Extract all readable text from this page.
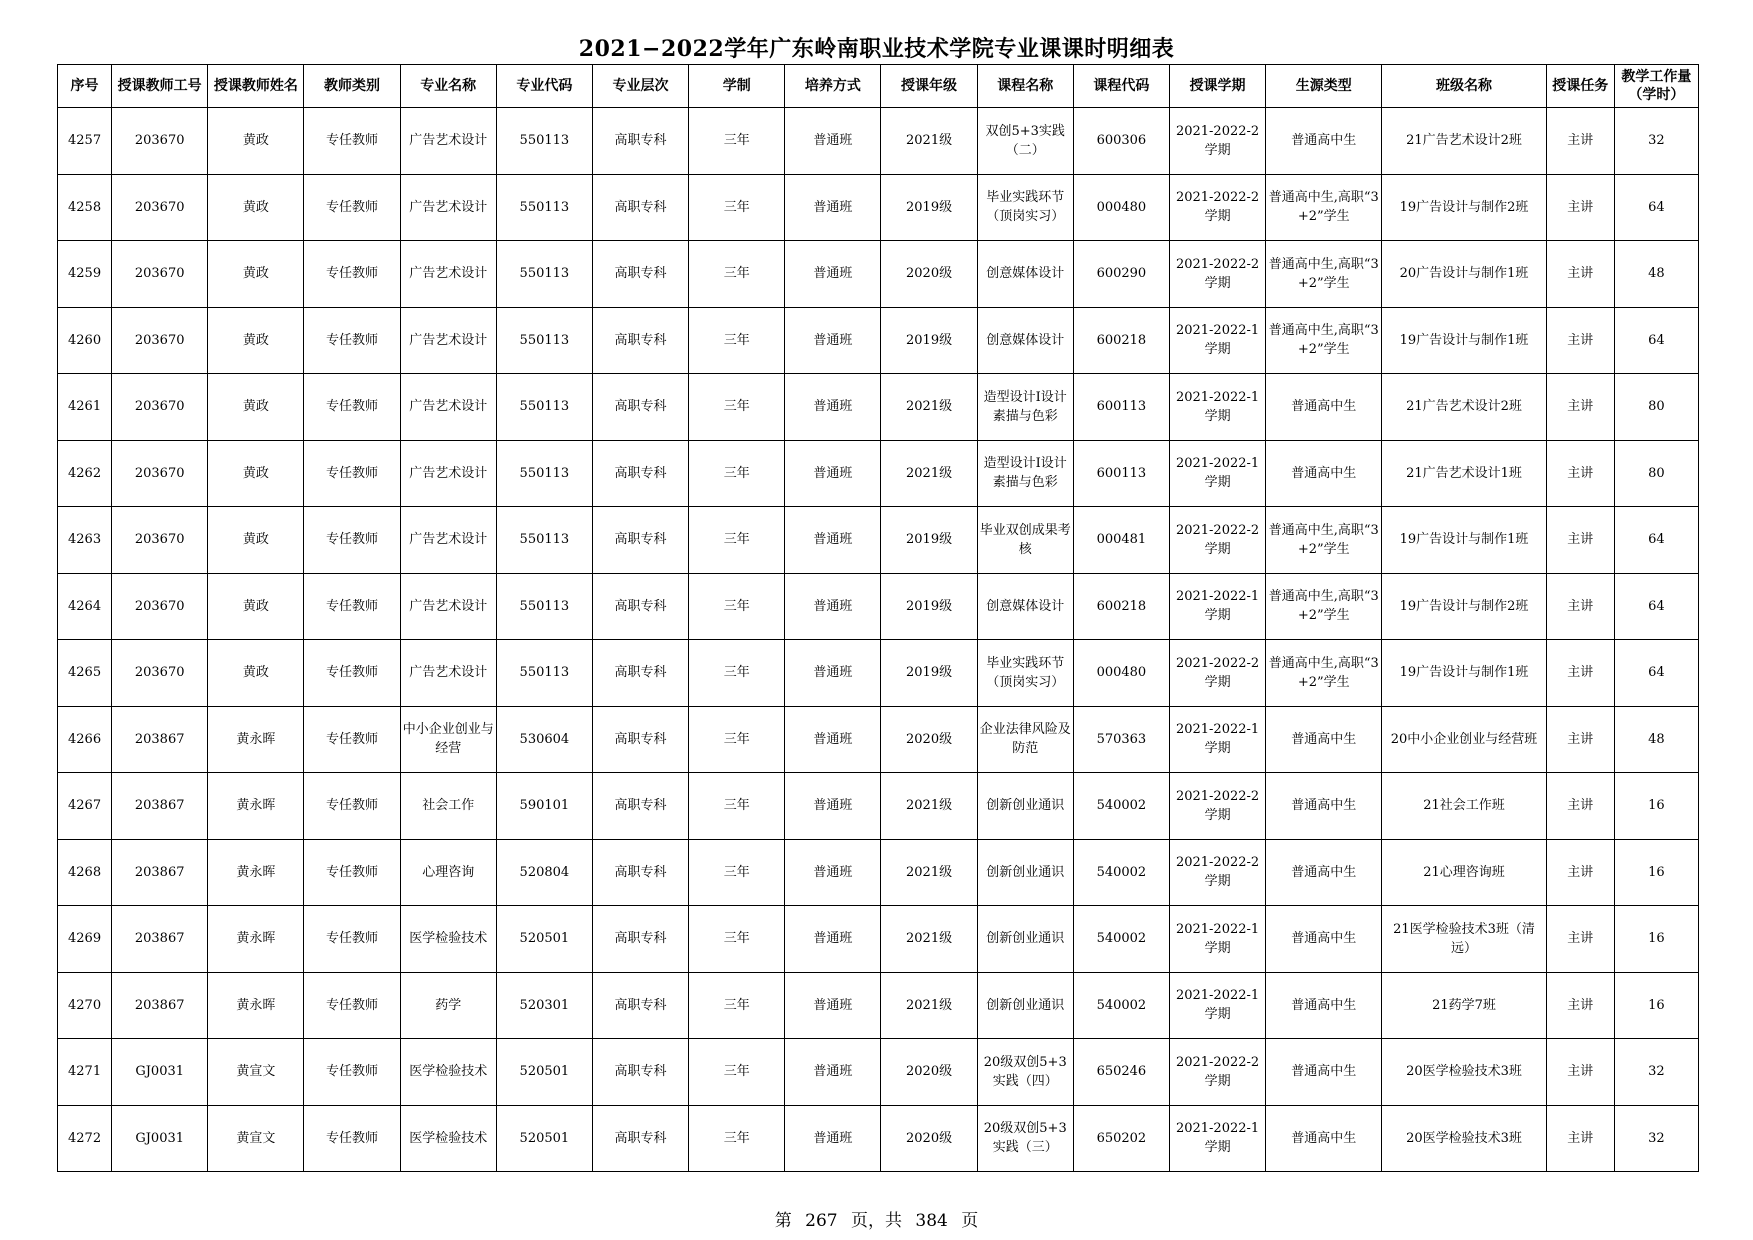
2021−2022学年广东岭南职业技术学院专业课课时明细表
序号	授课教师工号	授课教师姓名	教师类别	专业名称	专业代码	专业层次	学制	培养方式	授课年级	课程名称	课程代码	授课学期	生源类型	班级名称	授课任务	教学工作量（学时）
4257	203670	黄政	专任教师	广告艺术设计	550113	高职专科	三年	普通班	2021级	双创5+3实践（二）	600306	2021-2022-2学期	普通高中生	21广告艺术设计2班	主讲	32
4258	203670	黄政	专任教师	广告艺术设计	550113	高职专科	三年	普通班	2019级	毕业实践环节（顶岗实习）	000480	2021-2022-2学期	普通高中生,高职“3+2”学生	19广告设计与制作2班	主讲	64
4259	203670	黄政	专任教师	广告艺术设计	550113	高职专科	三年	普通班	2020级	创意媒体设计	600290	2021-2022-2学期	普通高中生,高职“3+2”学生	20广告设计与制作1班	主讲	48
4260	203670	黄政	专任教师	广告艺术设计	550113	高职专科	三年	普通班	2019级	创意媒体设计	600218	2021-2022-1学期	普通高中生,高职“3+2”学生	19广告设计与制作1班	主讲	64
4261	203670	黄政	专任教师	广告艺术设计	550113	高职专科	三年	普通班	2021级	造型设计I设计素描与色彩	600113	2021-2022-1学期	普通高中生	21广告艺术设计2班	主讲	80
4262	203670	黄政	专任教师	广告艺术设计	550113	高职专科	三年	普通班	2021级	造型设计I设计素描与色彩	600113	2021-2022-1学期	普通高中生	21广告艺术设计1班	主讲	80
4263	203670	黄政	专任教师	广告艺术设计	550113	高职专科	三年	普通班	2019级	毕业双创成果考核	000481	2021-2022-2学期	普通高中生,高职“3+2”学生	19广告设计与制作1班	主讲	64
4264	203670	黄政	专任教师	广告艺术设计	550113	高职专科	三年	普通班	2019级	创意媒体设计	600218	2021-2022-1学期	普通高中生,高职“3+2”学生	19广告设计与制作2班	主讲	64
4265	203670	黄政	专任教师	广告艺术设计	550113	高职专科	三年	普通班	2019级	毕业实践环节（顶岗实习）	000480	2021-2022-2学期	普通高中生,高职“3+2”学生	19广告设计与制作1班	主讲	64
4266	203867	黄永晖	专任教师	中小企业创业与经营	530604	高职专科	三年	普通班	2020级	企业法律风险及防范	570363	2021-2022-1学期	普通高中生	20中小企业创业与经营班	主讲	48
4267	203867	黄永晖	专任教师	社会工作	590101	高职专科	三年	普通班	2021级	创新创业通识	540002	2021-2022-2学期	普通高中生	21社会工作班	主讲	16
4268	203867	黄永晖	专任教师	心理咨询	520804	高职专科	三年	普通班	2021级	创新创业通识	540002	2021-2022-2学期	普通高中生	21心理咨询班	主讲	16
4269	203867	黄永晖	专任教师	医学检验技术	520501	高职专科	三年	普通班	2021级	创新创业通识	540002	2021-2022-1学期	普通高中生	21医学检验技术3班（清远）	主讲	16
4270	203867	黄永晖	专任教师	药学	520301	高职专科	三年	普通班	2021级	创新创业通识	540002	2021-2022-1学期	普通高中生	21药学7班	主讲	16
4271	GJ0031	黄宣文	专任教师	医学检验技术	520501	高职专科	三年	普通班	2020级	20级双创5+3实践（四）	650246	2021-2022-2学期	普通高中生	20医学检验技术3班	主讲	32
4272	GJ0031	黄宣文	专任教师	医学检验技术	520501	高职专科	三年	普通班	2020级	20级双创5+3实践（三）	650202	2021-2022-1学期	普通高中生	20医学检验技术3班	主讲	32
第 267 页，共 384 页
